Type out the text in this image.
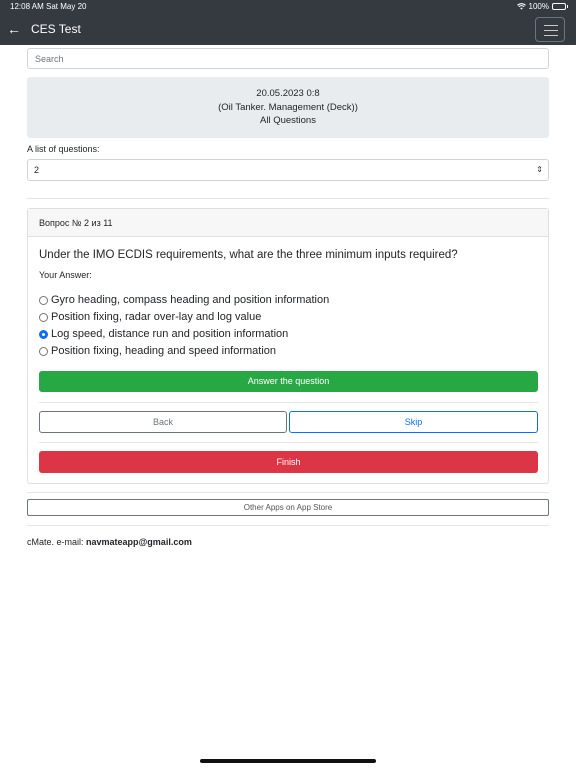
12:08 AM Sat May 20	100%
← CES Test
Search
20.05.2023 0:8
(Oil Tanker. Management (Deck))
All Questions
A list of questions:
2	⇕
Вопрос № 2 из 11
Under the IMO ECDIS requirements, what are the three minimum inputs required?
Your Answer:
Gyro heading, compass heading and position information
Position fixing, radar over-lay and log value
Log speed, distance run and position information
Position fixing, heading and speed information
Answer the question
Back	Skip
Finish
Other Apps on App Store
cMate. e-mail: navmateapp@gmail.com
